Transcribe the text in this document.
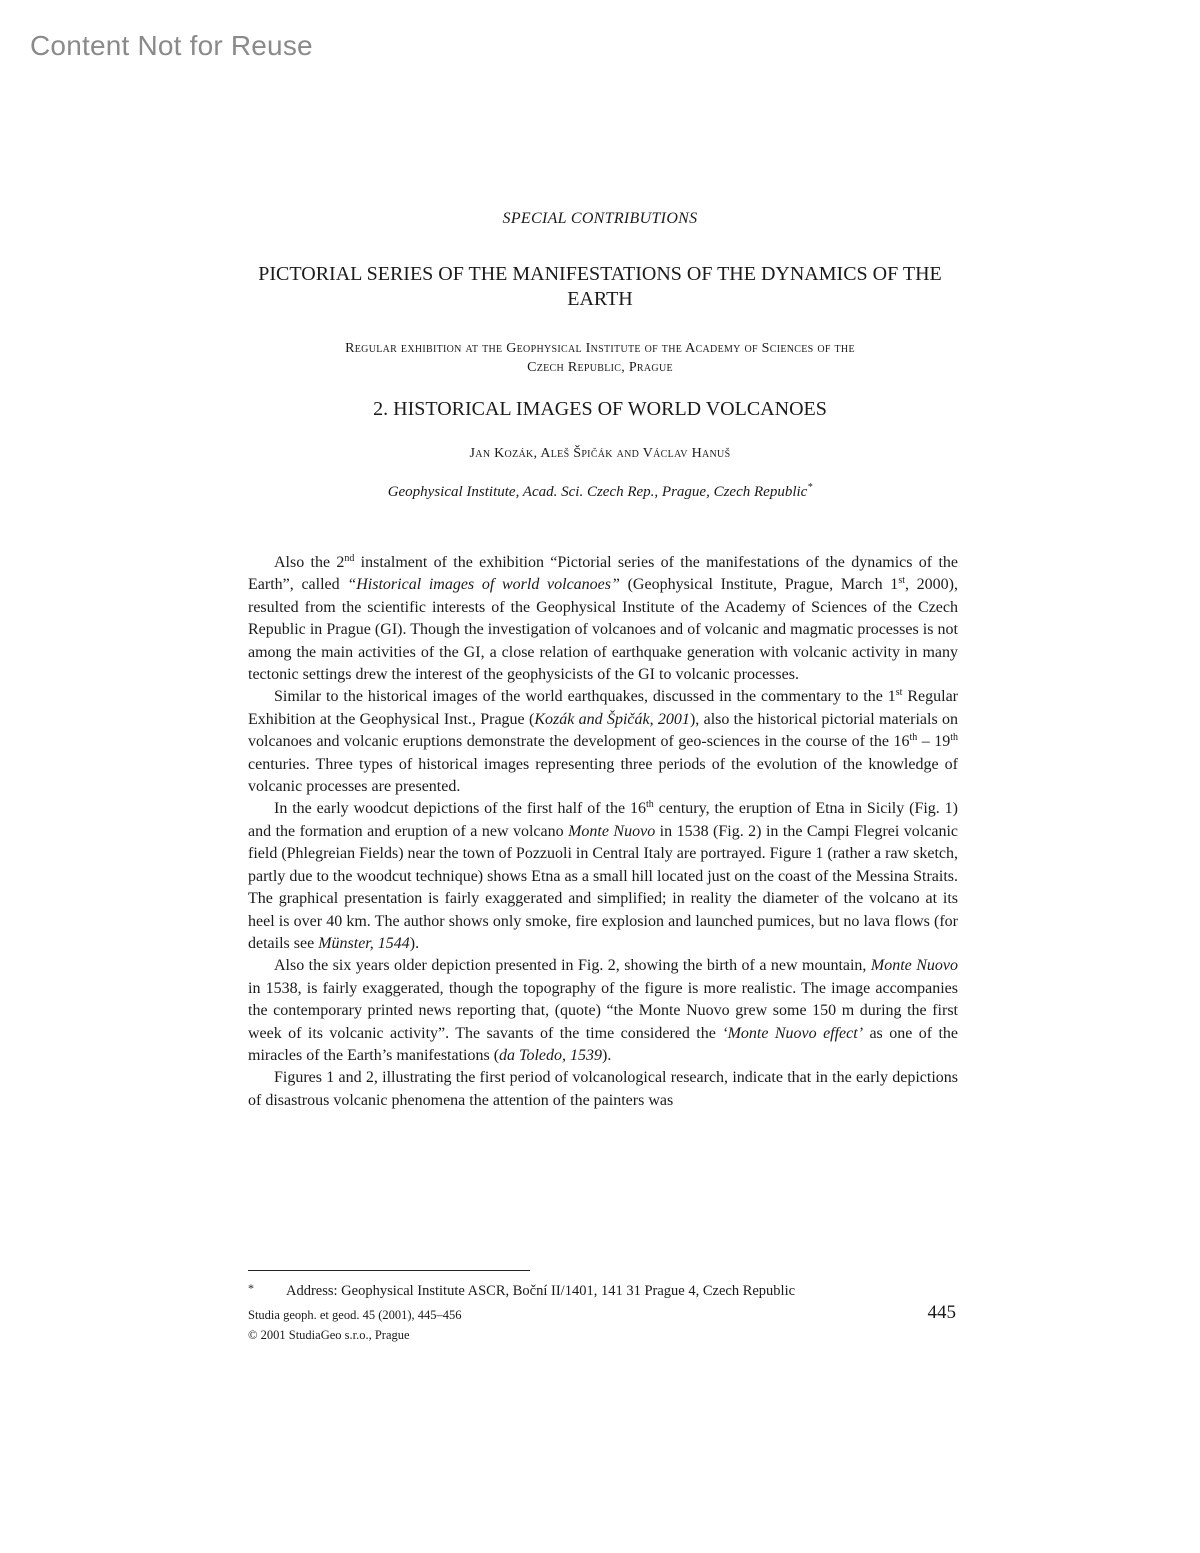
Content Not for Reuse
SPECIAL CONTRIBUTIONS
PICTORIAL SERIES OF THE MANIFESTATIONS OF THE DYNAMICS OF THE EARTH
Regular exhibition at the Geophysical Institute of the Academy of Sciences of the
Czech Republic, Prague
2. HISTORICAL IMAGES OF WORLD VOLCANOES
Jan Kozák, Aleš Špičák and Václav Hanuš
Geophysical Institute, Acad. Sci. Czech Rep., Prague, Czech Republic*

Also the 2nd instalment of the exhibition “Pictorial series of the manifestations of the dynamics of the Earth”, called “Historical images of world volcanoes” (Geophysical Institute, Prague, March 1st, 2000), resulted from the scientific interests of the Geophysical Institute of the Academy of Sciences of the Czech Republic in Prague (GI). Though the investigation of volcanoes and of volcanic and magmatic processes is not among the main activities of the GI, a close relation of earthquake generation with volcanic activity in many tectonic settings drew the interest of the geophysicists of the GI to volcanic processes.

Similar to the historical images of the world earthquakes, discussed in the commentary to the 1st Regular Exhibition at the Geophysical Inst., Prague (Kozák and Špičák, 2001), also the historical pictorial materials on volcanoes and volcanic eruptions demonstrate the development of geo-sciences in the course of the 16th – 19th centuries. Three types of historical images representing three periods of the evolution of the knowledge of volcanic processes are presented.

In the early woodcut depictions of the first half of the 16th century, the eruption of Etna in Sicily (Fig. 1) and the formation and eruption of a new volcano Monte Nuovo in 1538 (Fig. 2) in the Campi Flegrei volcanic field (Phlegreian Fields) near the town of Pozzuoli in Central Italy are portrayed. Figure 1 (rather a raw sketch, partly due to the woodcut technique) shows Etna as a small hill located just on the coast of the Messina Straits. The graphical presentation is fairly exaggerated and simplified; in reality the diameter of the volcano at its heel is over 40 km. The author shows only smoke, fire explosion and launched pumices, but no lava flows (for details see Münster, 1544).

Also the six years older depiction presented in Fig. 2, showing the birth of a new mountain, Monte Nuovo in 1538, is fairly exaggerated, though the topography of the figure is more realistic. The image accompanies the contemporary printed news reporting that, (quote) “the Monte Nuovo grew some 150 m during the first week of its volcanic activity”. The savants of the time considered the ‘Monte Nuovo effect’ as one of the miracles of the Earth’s manifestations (da Toledo, 1539).

Figures 1 and 2, illustrating the first period of volcanological research, indicate that in the early depictions of disastrous volcanic phenomena the attention of the painters was

* Address: Geophysical Institute ASCR, Boční II/1401, 141 31 Prague 4, Czech Republic
Studia geoph. et geod. 45 (2001), 445–456
© 2001 StudiaGeo s.r.o., Prague
445
